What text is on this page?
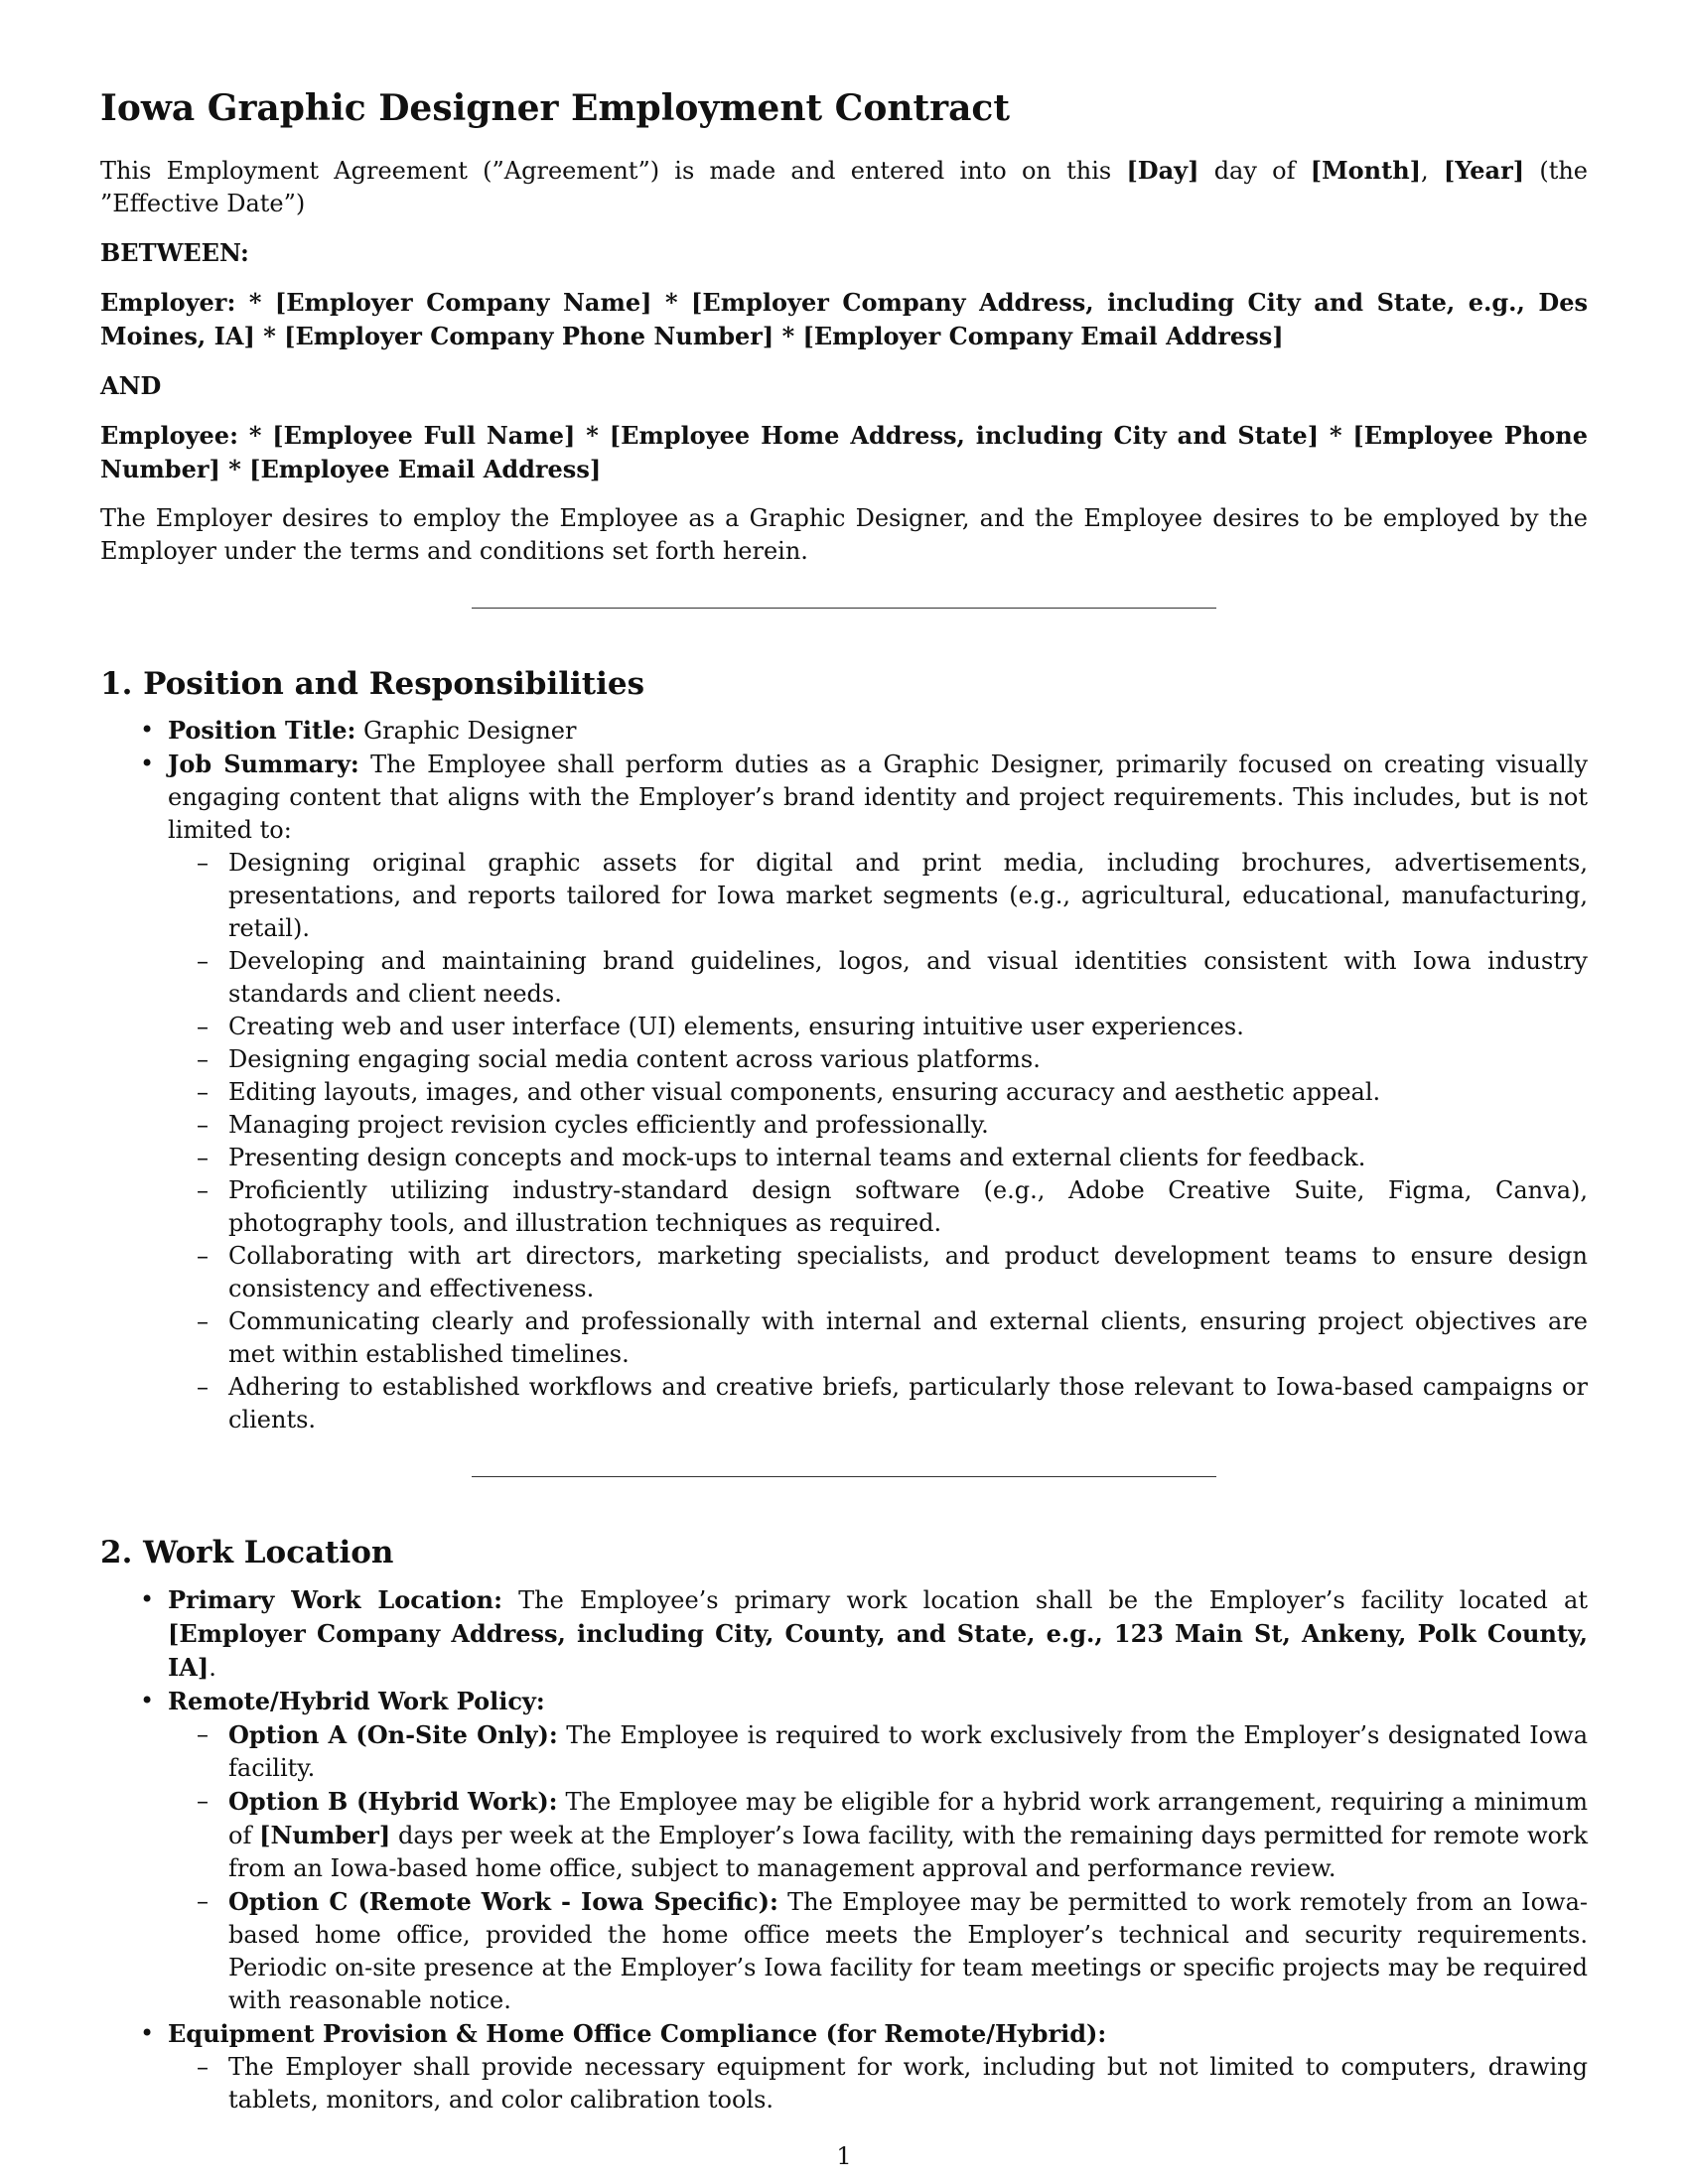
Iowa Graphic Designer Employment Contract

This Employment Agreement (”Agreement”) is made and entered into on this [Day] day of [Month], [Year] (the ”Effective Date”)

BETWEEN:

Employer: * [Employer Company Name] * [Employer Company Address, including City and State, e.g., Des Moines, IA] * [Employer Company Phone Number] * [Employer Company Email Address]

AND

Employee: * [Employee Full Name] * [Employee Home Address, including City and State] * [Employee Phone Number] * [Employee Email Address]

The Employer desires to employ the Employee as a Graphic Designer, and the Employee desires to be employed by the Employer under the terms and conditions set forth herein.

1. Position and Responsibilities
• Position Title: Graphic Designer
• Job Summary: The Employee shall perform duties as a Graphic Designer, primarily focused on creating visually engaging content that aligns with the Employer’s brand identity and project requirements. This includes, but is not limited to:
– Designing original graphic assets for digital and print media, including brochures, advertisements, presentations, and reports tailored for Iowa market segments (e.g., agricultural, educational, manufacturing, retail).
– Developing and maintaining brand guidelines, logos, and visual identities consistent with Iowa industry standards and client needs.
– Creating web and user interface (UI) elements, ensuring intuitive user experiences.
– Designing engaging social media content across various platforms.
– Editing layouts, images, and other visual components, ensuring accuracy and aesthetic appeal.
– Managing project revision cycles efficiently and professionally.
– Presenting design concepts and mock-ups to internal teams and external clients for feedback.
– Proficiently utilizing industry-standard design software (e.g., Adobe Creative Suite, Figma, Canva), photography tools, and illustration techniques as required.
– Collaborating with art directors, marketing specialists, and product development teams to ensure design consistency and effectiveness.
– Communicating clearly and professionally with internal and external clients, ensuring project objectives are met within established timelines.
– Adhering to established workflows and creative briefs, particularly those relevant to Iowa-based campaigns or clients.
2. Work Location
• Primary Work Location: The Employee’s primary work location shall be the Employer’s facility located at [Employer Company Address, including City, County, and State, e.g., 123 Main St, Ankeny, Polk County, IA].
• Remote/Hybrid Work Policy:
– Option A (On-Site Only): The Employee is required to work exclusively from the Employer’s designated Iowa facility.
– Option B (Hybrid Work): The Employee may be eligible for a hybrid work arrangement, requiring a minimum of [Number] days per week at the Employer’s Iowa facility, with the remaining days permitted for remote work from an Iowa-based home office, subject to management approval and performance review.
– Option C (Remote Work - Iowa Specific): The Employee may be permitted to work remotely from an Iowa-based home office, provided the home office meets the Employer’s technical and security requirements. Periodic on-site presence at the Employer’s Iowa facility for team meetings or specific projects may be required with reasonable notice.
• Equipment Provision & Home Office Compliance (for Remote/Hybrid):
– The Employer shall provide necessary equipment for work, including but not limited to computers, drawing tablets, monitors, and color calibration tools.
1
